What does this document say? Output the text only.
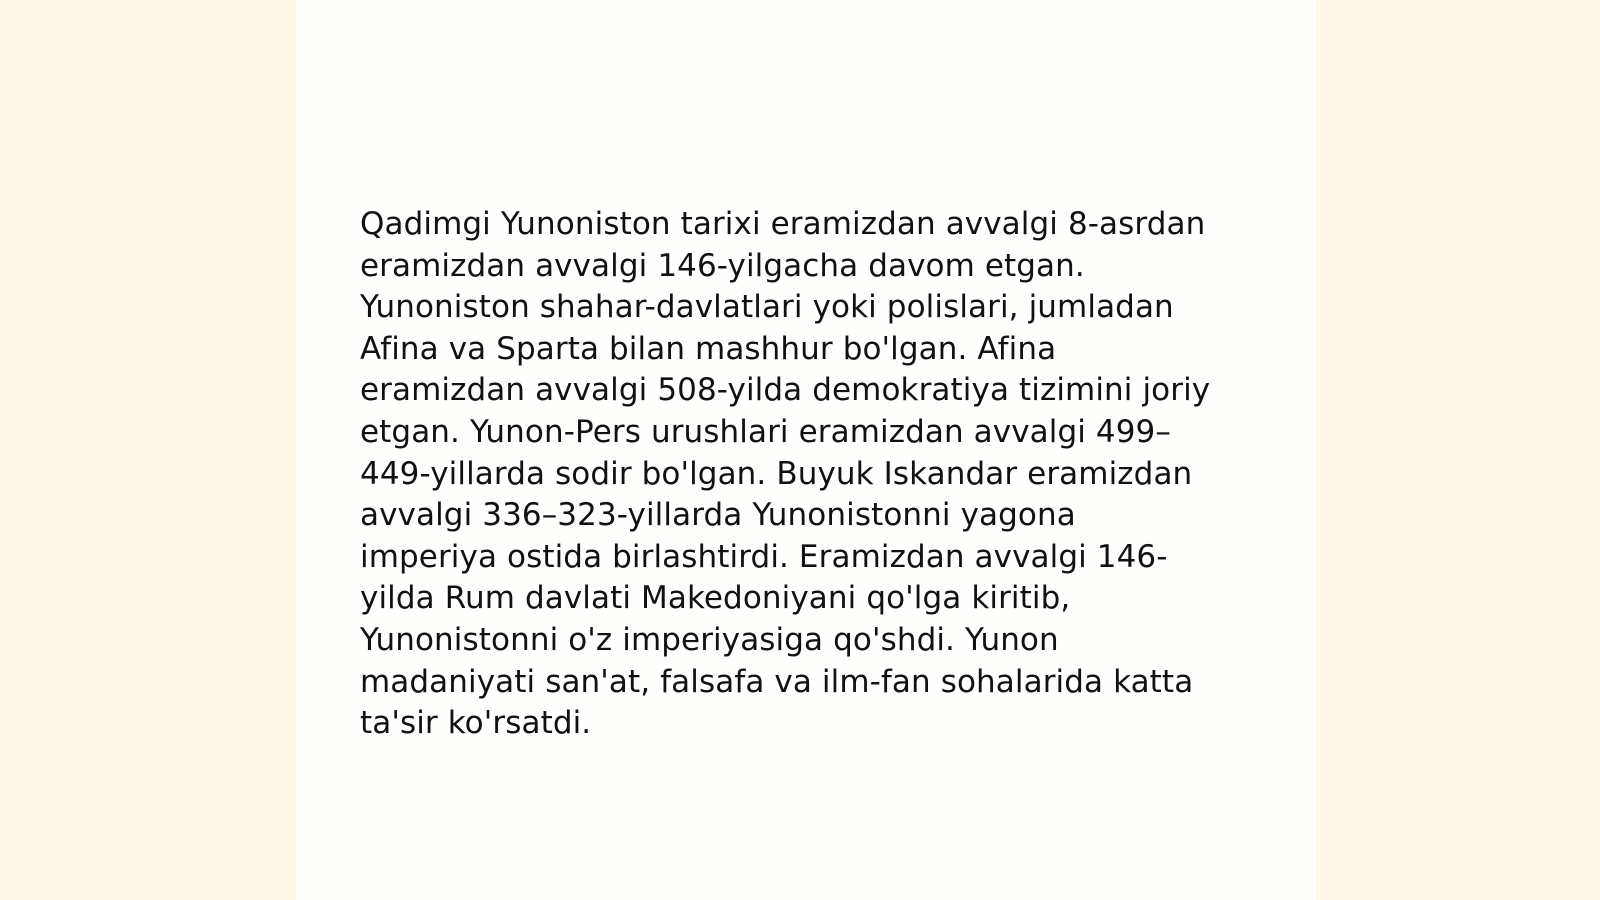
Qadimgi Yunoniston tarixi eramizdan avvalgi 8-asrdan
eramizdan avvalgi 146-yilgacha davom etgan.
Yunoniston shahar-davlatlari yoki polislari, jumladan
Afina va Sparta bilan mashhur bo'lgan. Afina
eramizdan avvalgi 508-yilda demokratiya tizimini joriy
etgan. Yunon-Pers urushlari eramizdan avvalgi 499–
449-yillarda sodir bo'lgan. Buyuk Iskandar eramizdan
avvalgi 336–323-yillarda Yunonistonni yagona
imperiya ostida birlashtirdi. Eramizdan avvalgi 146-
yilda Rum davlati Makedoniyani qo'lga kiritib,
Yunonistonni o'z imperiyasiga qo'shdi. Yunon
madaniyati san'at, falsafa va ilm-fan sohalarida katta
ta'sir ko'rsatdi.
